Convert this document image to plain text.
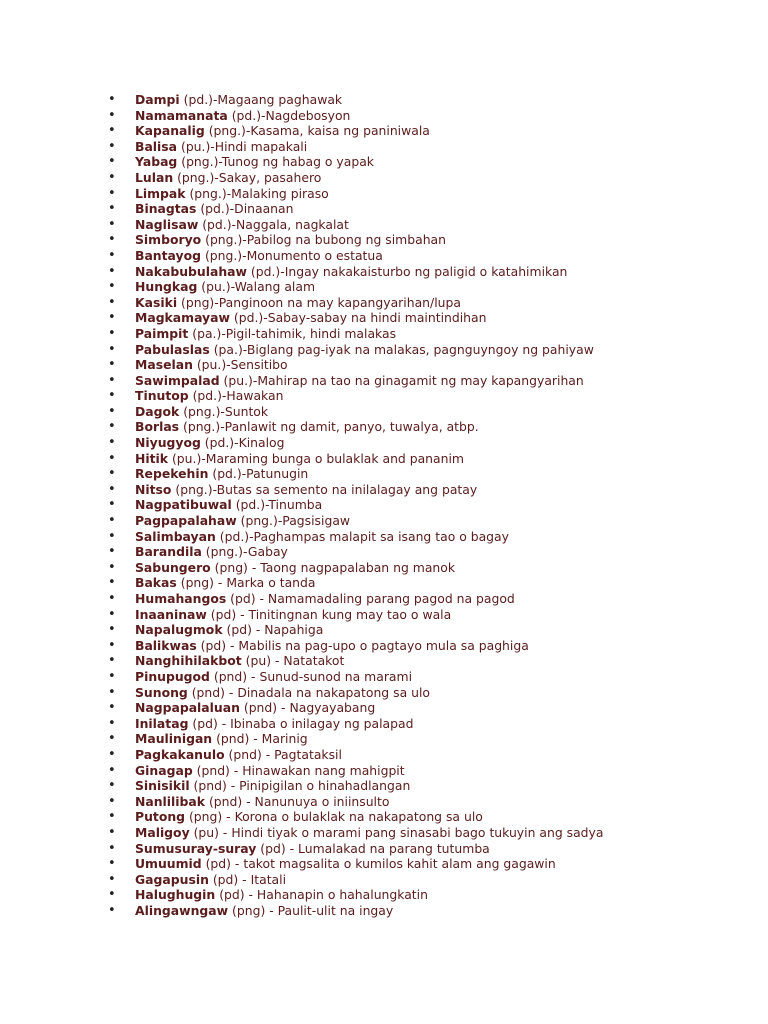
• Dampi (pd.)-Magaang paghawak
• Namamanata (pd.)-Nagdebosyon
• Kapanalig (png.)-Kasama, kaisa ng paniniwala
• Balisa (pu.)-Hindi mapakali
• Yabag (png.)-Tunog ng habag o yapak
• Lulan (png.)-Sakay, pasahero
• Limpak (png.)-Malaking piraso
• Binagtas (pd.)-Dinaanan
• Naglisaw (pd.)-Naggala, nagkalat
• Simboryo (png.)-Pabilog na bubong ng simbahan
• Bantayog (png.)-Monumento o estatua
• Nakabubulahaw (pd.)-Ingay nakakaisturbo ng paligid o katahimikan
• Hungkag (pu.)-Walang alam
• Kasiki (png)-Panginoon na may kapangyarihan/lupa
• Magkamayaw (pd.)-Sabay-sabay na hindi maintindihan
• Paimpit (pa.)-Pigil-tahimik, hindi malakas
• Pabulaslas (pa.)-Biglang pag-iyak na malakas, pagnguyngoy ng pahiyaw
• Maselan (pu.)-Sensitibo
• Sawimpalad (pu.)-Mahirap na tao na ginagamit ng may kapangyarihan
• Tinutop (pd.)-Hawakan
• Dagok (png.)-Suntok
• Borlas (png.)-Panlawit ng damit, panyo, tuwalya, atbp.
• Niyugyog (pd.)-Kinalog
• Hitik (pu.)-Maraming bunga o bulaklak and pananim
• Repekehin (pd.)-Patunugin
• Nitso (png.)-Butas sa semento na inilalagay ang patay
• Nagpatibuwal (pd.)-Tinumba
• Pagpapalahaw (png.)-Pagsisigaw
• Salimbayan (pd.)-Paghampas malapit sa isang tao o bagay
• Barandila (png.)-Gabay
• Sabungero (png) - Taong nagpapalaban ng manok
• Bakas (png) - Marka o tanda
• Humahangos (pd) - Namamadaling parang pagod na pagod
• Inaaninaw (pd) - Tinitingnan kung may tao o wala
• Napalugmok (pd) - Napahiga
• Balikwas (pd) - Mabilis na pag-upo o pagtayo mula sa paghiga
• Nanghihilakbot (pu) - Natatakot
• Pinupugod (pnd) - Sunud-sunod na marami
• Sunong (pnd) - Dinadala na nakapatong sa ulo
• Nagpapalaluan (pnd) - Nagyayabang
• Inilatag (pd) - Ibinaba o inilagay ng palapad
• Maulinigan (pnd) - Marinig
• Pagkakanulo (pnd) - Pagtataksil
• Ginagap (pnd) - Hinawakan nang mahigpit
• Sinisikil (pnd) - Pinipigilan o hinahadlangan
• Nanlilibak (pnd) - Nanunuya o iniinsulto
• Putong (png) - Korona o bulaklak na nakapatong sa ulo
• Maligoy (pu) - Hindi tiyak o marami pang sinasabi bago tukuyin ang sadya
• Sumusuray-suray (pd) - Lumalakad na parang tutumba
• Umuumid (pd) - takot magsalita o kumilos kahit alam ang gagawin
• Gagapusin (pd) - Itatali
• Halughugin (pd) - Hahanapin o hahalungkatin
• Alingawngaw (png) - Paulit-ulit na ingay
